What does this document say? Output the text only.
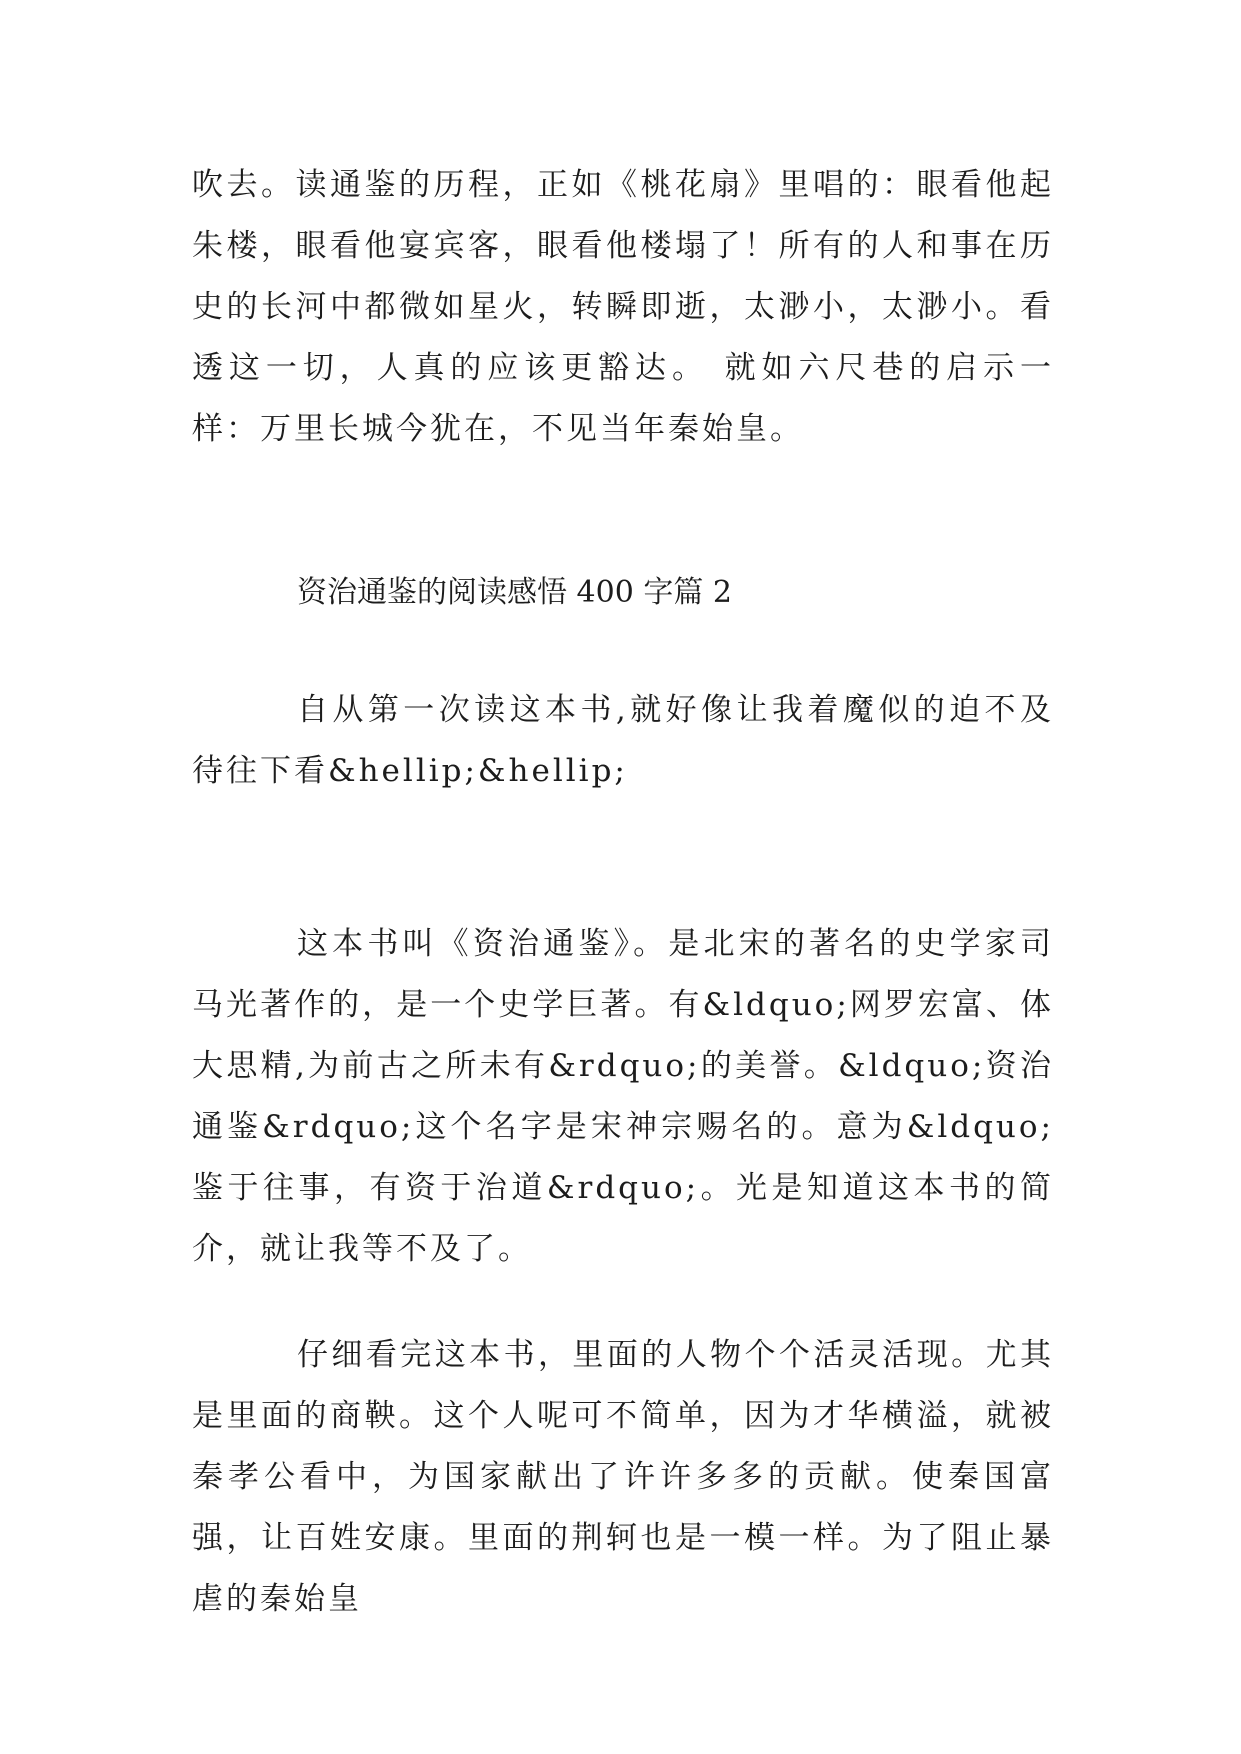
吹去。读通鉴的历程，正如《桃花扇》里唱的：眼看他起朱楼，眼看他宴宾客，眼看他楼塌了！所有的人和事在历史的长河中都微如星火，转瞬即逝，太渺小，太渺小。看透这一切，人真的应该更豁达。 就如六尺巷的启示一样：万里长城今犹在，不见当年秦始皇。

资治通鉴的阅读感悟 400 字篇 2

自从第一次读这本书,就好像让我着魔似的迫不及待往下看&hellip;&hellip;

这本书叫《资治通鉴》。是北宋的著名的史学家司马光著作的，是一个史学巨著。有&ldquo;网罗宏富、体大思精,为前古之所未有&rdquo;的美誉。&ldquo;资治通鉴&rdquo;这个名字是宋神宗赐名的。意为&ldquo;鉴于往事，有资于治道&rdquo;。光是知道这本书的简介，就让我等不及了。

仔细看完这本书，里面的人物个个活灵活现。尤其是里面的商鞅。这个人呢可不简单，因为才华横溢，就被秦孝公看中，为国家献出了许许多多的贡献。使秦国富强，让百姓安康。里面的荆轲也是一模一样。为了阻止暴虐的秦始皇
